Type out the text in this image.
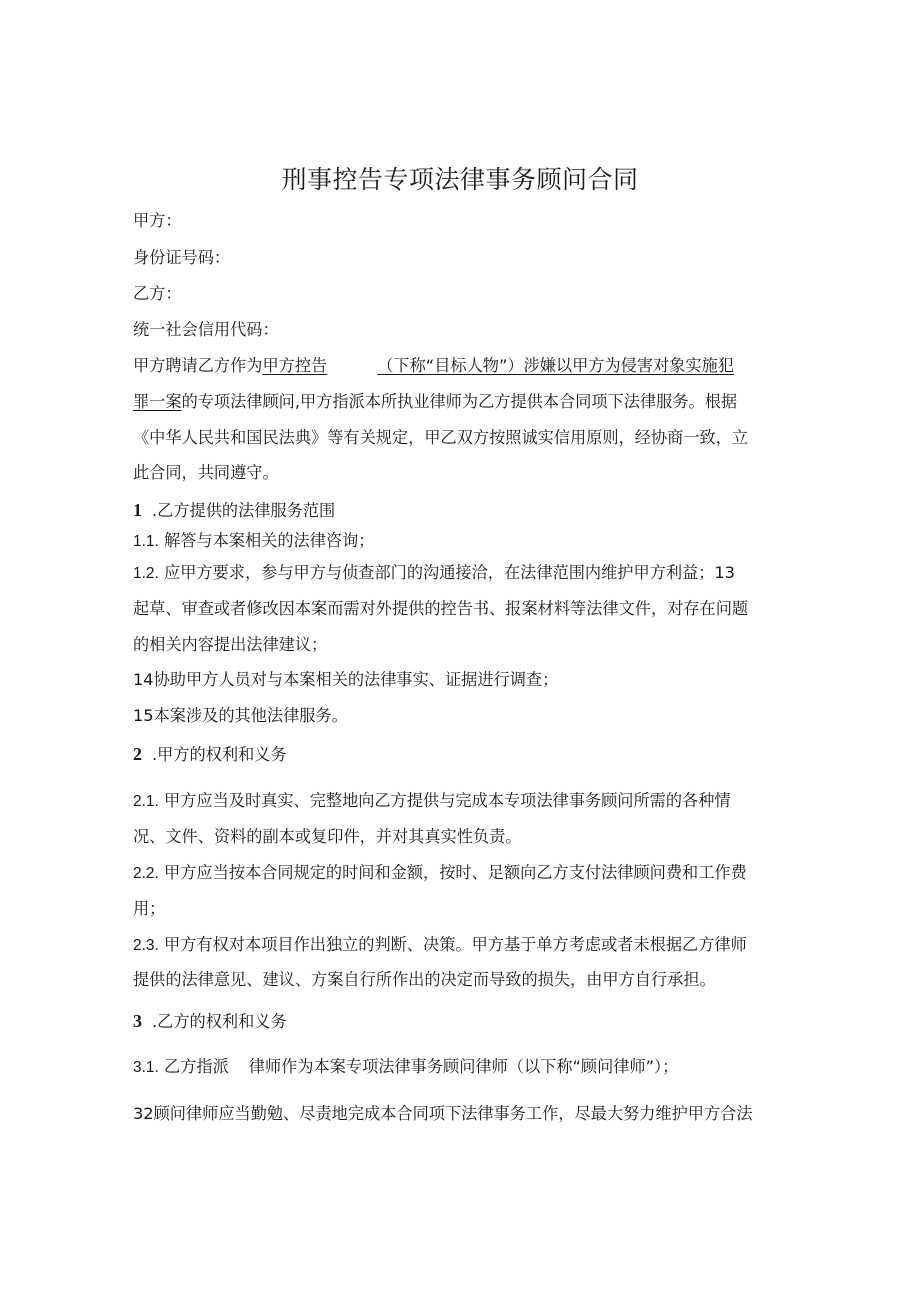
刑事控告专项法律事务顾问合同
甲方：
身份证号码：
乙方：
统一社会信用代码：
甲方聘请乙方作为甲方控告	（下称“目标人物”）涉嫌以甲方为侵害对象实施犯
罪一案的专项法律顾问,甲方指派本所执业律师为乙方提供本合同项下法律服务。根据
《中华人民共和国民法典》等有关规定，甲乙双方按照诚实信用原则，经协商一致，立
此合同，共同遵守。
1 .乙方提供的法律服务范围
1.1. 解答与本案相关的法律咨询；
1.2. 应甲方要求，参与甲方与侦查部门的沟通接洽，在法律范围内维护甲方利益；13
起草、审查或者修改因本案而需对外提供的控告书、报案材料等法律文件，对存在问题
的相关内容提出法律建议；
14协助甲方人员对与本案相关的法律事实、证据进行调查；
15本案涉及的其他法律服务。
2 .甲方的权利和义务
2.1. 甲方应当及时真实、完整地向乙方提供与完成本专项法律事务顾问所需的各种情
况、文件、资料的副本或复印件，并对其真实性负责。
2.2. 甲方应当按本合同规定的时间和金额，按时、足额向乙方支付法律顾问费和工作费
用；
2.3. 甲方有权对本项目作出独立的判断、决策。甲方基于单方考虑或者未根据乙方律师
提供的法律意见、建议、方案自行所作出的决定而导致的损失，由甲方自行承担。
3 .乙方的权利和义务
3.1. 乙方指派 律师作为本案专项法律事务顾问律师（以下称“顾问律师”）；
32顾问律师应当勤勉、尽责地完成本合同项下法律事务工作，尽最大努力维护甲方合法
